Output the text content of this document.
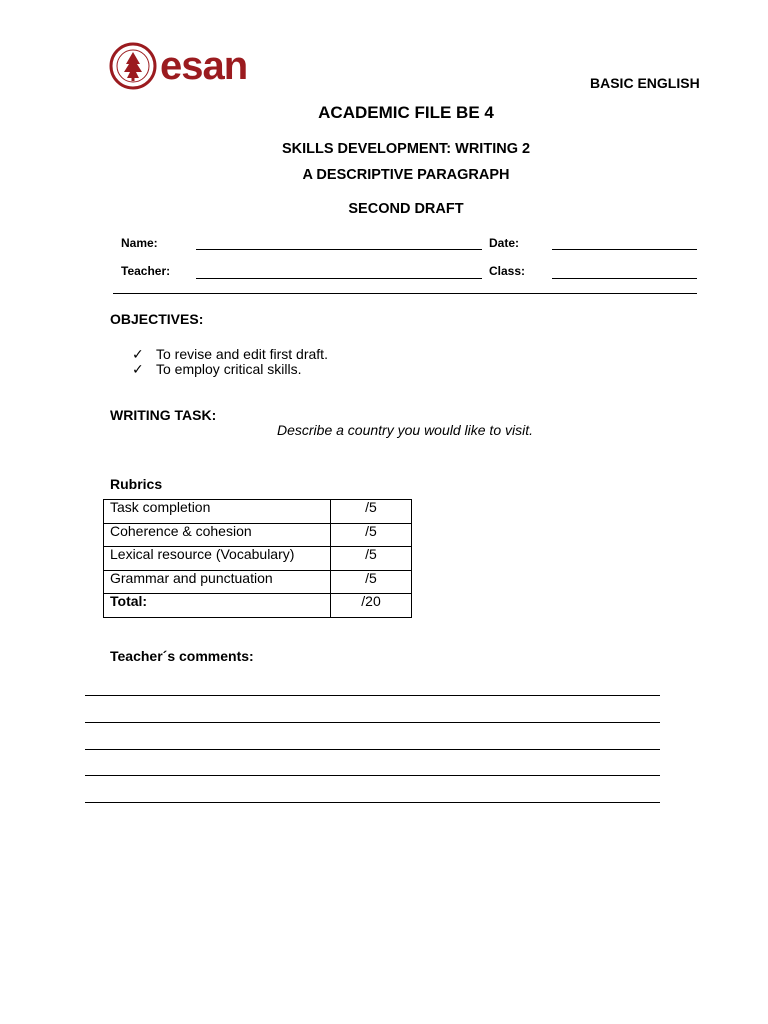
esan	BASIC ENGLISH
ACADEMIC FILE BE 4
SKILLS DEVELOPMENT: WRITING 2
A DESCRIPTIVE PARAGRAPH
SECOND DRAFT
Name:	Date:
Teacher:	Class:
OBJECTIVES:
✓ To revise and edit first draft.
✓ To employ critical skills.
WRITING TASK:
Describe a country you would like to visit.
Rubrics
Task completion	/5
Coherence & cohesion	/5
Lexical resource (Vocabulary)	/5
Grammar and punctuation	/5
Total:	/20
Teacher´s comments:
